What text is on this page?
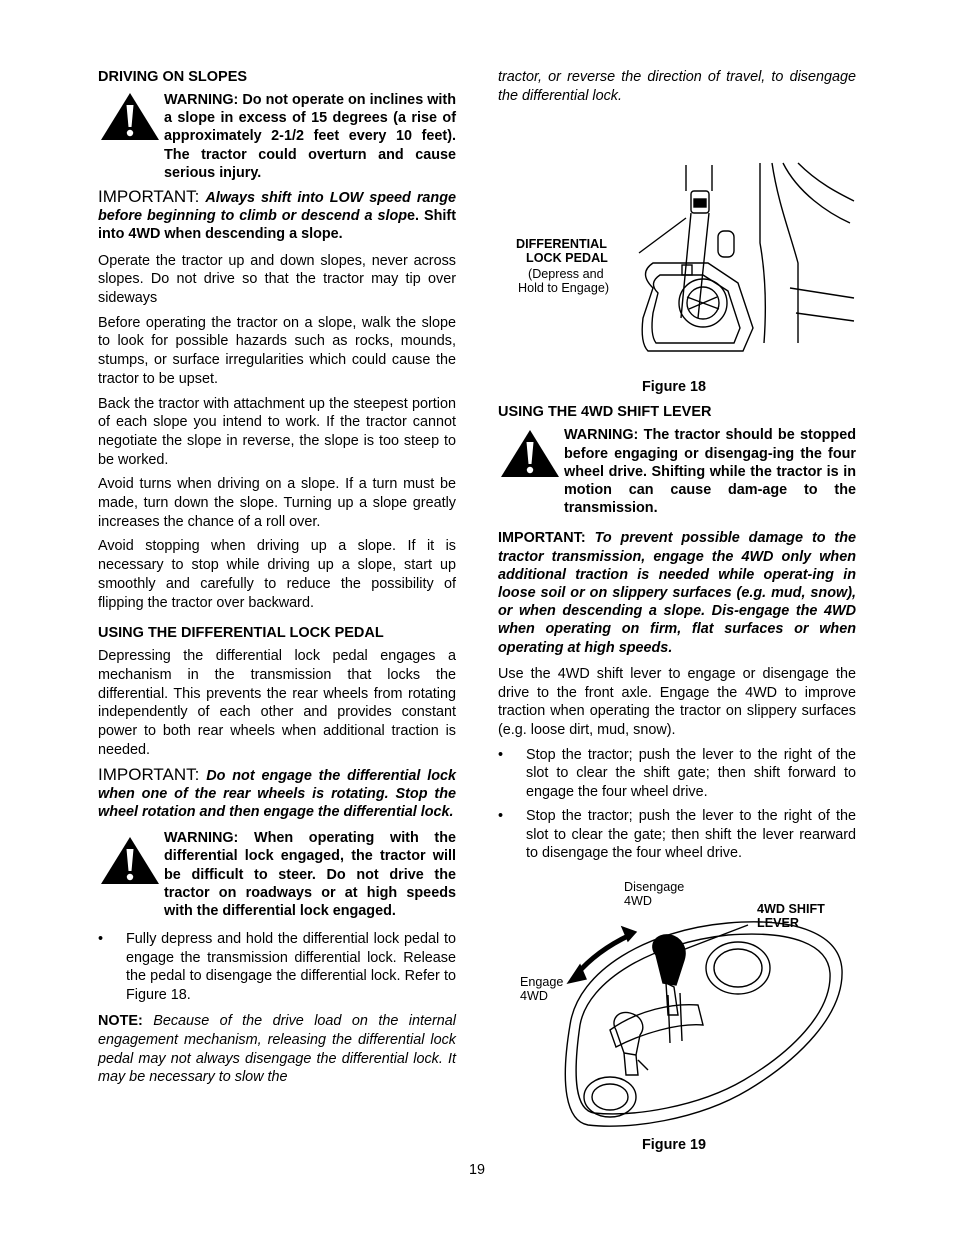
DRIVING ON SLOPES
WARNING: Do not operate on inclines with a slope in excess of 15 degrees (a rise of approximately 2-1/2 feet every 10 feet). The tractor could overturn and cause serious injury.
IMPORTANT: Always shift into LOW speed range before beginning to climb or descend a slope. Shift into 4WD when descending a slope.

Operate the tractor up and down slopes, never across slopes. Do not drive so that the tractor may tip over sideways

Before operating the tractor on a slope, walk the slope to look for possible hazards such as rocks, mounds, stumps, or surface irregularities which could cause the tractor to be upset.

Back the tractor with attachment up the steepest portion of each slope you intend to work. If the tractor cannot negotiate the slope in reverse, the slope is too steep to be worked.

Avoid turns when driving on a slope. If a turn must be made, turn down the slope. Turning up a slope greatly increases the chance of a roll over.

Avoid stopping when driving up a slope. If it is necessary to stop while driving up a slope, start up smoothly and carefully to reduce the possibility of flipping the tractor over backward.

USING THE DIFFERENTIAL LOCK PEDAL

Depressing the differential lock pedal engages a mechanism in the transmission that locks the differential. This prevents the rear wheels from rotating independently of each other and provides constant power to both rear wheels when additional traction is needed.

IMPORTANT: Do not engage the differential lock when one of the rear wheels is rotating. Stop the wheel rotation and then engage the differential lock.
WARNING: When operating with the differential lock engaged, the tractor will be difficult to steer. Do not drive the tractor on roadways or at high speeds with the differential lock engaged.
• Fully depress and hold the differential lock pedal to engage the transmission differential lock. Release the pedal to disengage the differential lock. Refer to Figure 18.

NOTE: Because of the drive load on the internal engagement mechanism, releasing the differential lock pedal may not always disengage the differential lock. It may be necessary to slow the

tractor, or reverse the direction of travel, to disengage the differential lock.

DIFFERENTIAL
LOCK PEDAL
(Depress and
Hold to Engage)
Figure 18
USING THE 4WD SHIFT LEVER
WARNING: The tractor should be stopped before engaging or disengag-ing the four wheel drive. Shifting while the tractor is in motion can cause dam-age to the transmission.
IMPORTANT: To prevent possible damage to the tractor transmission, engage the 4WD only when additional traction is needed while operat-ing in loose soil or on slippery surfaces (e.g. mud, snow), or when descending a slope. Dis-engage the 4WD when operating on firm, flat surfaces or when operating at high speeds.

Use the 4WD shift lever to engage or disengage the drive to the front axle. Engage the 4WD to improve traction when operating the tractor on slippery surfaces (e.g. loose dirt, mud, snow).

• Stop the tractor; push the lever to the right of the slot to clear the shift gate; then shift forward to engage the four wheel drive.
• Stop the tractor; push the lever to the right of the slot to clear the gate; then shift the lever rearward to disengage the four wheel drive.
Disengage
4WD
4WD SHIFT
LEVER
Engage
4WD
Figure 19
19
